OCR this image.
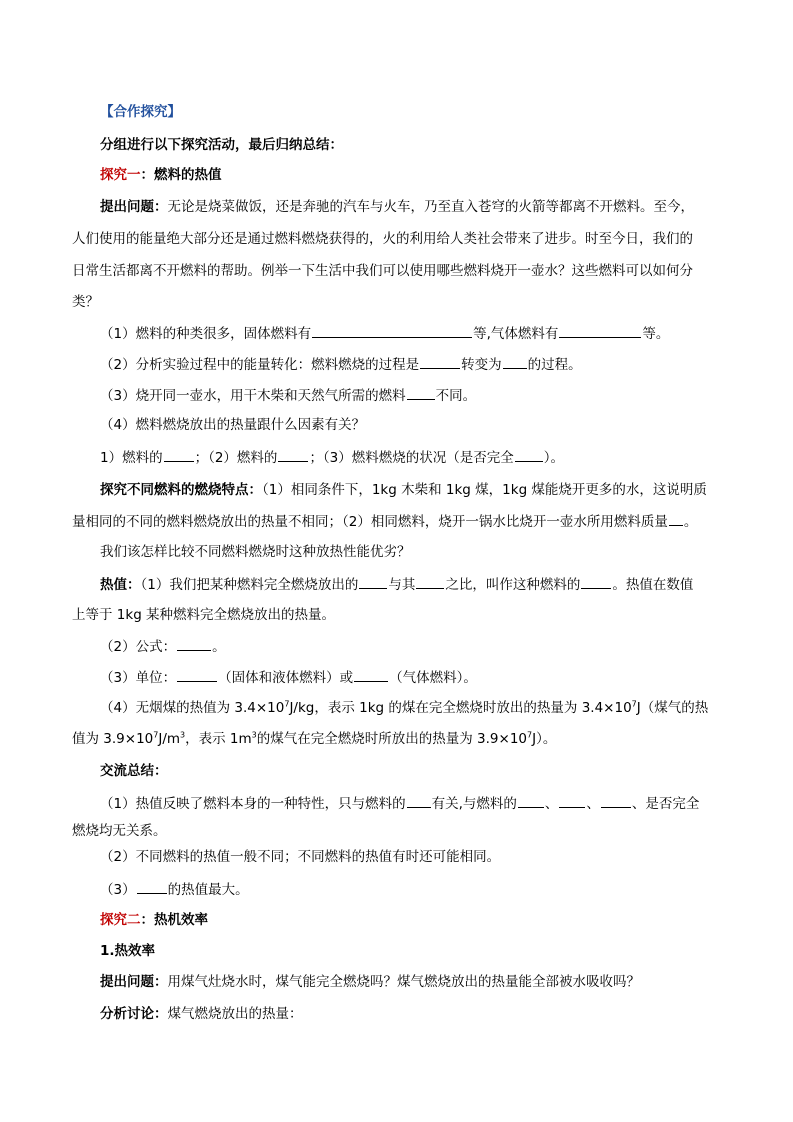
【合作探究】
分组进行以下探究活动，最后归纳总结：
探究一：燃料的热值
提出问题：无论是烧菜做饭，还是奔驰的汽车与火车，乃至直入苍穹的火箭等都离不开燃料。至今，
人们使用的能量绝大部分还是通过燃料燃烧获得的，火的利用给人类社会带来了进步。时至今日，我们的
日常生活都离不开燃料的帮助。例举一下生活中我们可以使用哪些燃料烧开一壶水？这些燃料可以如何分
类？
（1）燃料的种类很多，固体燃料有	等,气体燃料有	等。
（2）分析实验过程中的能量转化：燃料燃烧的过程是	转变为 的过程。
（3）烧开同一壶水，用干木柴和天然气所需的燃料 不同。
（4）燃料燃烧放出的热量跟什么因素有关？
1）燃料的 ；（2）燃料的 ；（3）燃料燃烧的状况（是否完全 ）。
探究不同燃料的燃烧特点：（1）相同条件下，1kg 木柴和 1kg 煤，1kg 煤能烧开更多的水，这说明质
量相同的不同的燃料燃烧放出的热量不相同；（2）相同燃料，烧开一锅水比烧开一壶水所用燃料质量 。
我们该怎样比较不同燃料燃烧时这种放热性能优劣？
热值：（1）我们把某种燃料完全燃烧放出的 与其 之比，叫作这种燃料的 。热值在数值
上等于 1kg 某种燃料完全燃烧放出的热量。
（2）公式：	。
（3）单位：	（固体和液体燃料）或	（气体燃料）。
（4）无烟煤的热值为 $3.4\times 10^7J/kg$，表示 1kg 的煤在完全燃烧时放出的热量为 $3.4\times 10^7J$（煤气的热
值为 $3.9\times 10^7J/m^3$，表示 $1m^3$的煤气在完全燃烧时所放出的热量为 $3.9\times 10^7J$）。
交流总结：
（1）热值反映了燃料本身的一种特性，只与燃料的 有关,与燃料的 、 、 、是否完全
燃烧均无关系。
（2）不同燃料的热值一般不同；不同燃料的热值有时还可能相同。
（3） 的热值最大。
探究二：热机效率
1.热效率
提出问题：用煤气灶烧水时，煤气能完全燃烧吗？煤气燃烧放出的热量能全部被水吸收吗？
分析讨论：煤气燃烧放出的热量：
